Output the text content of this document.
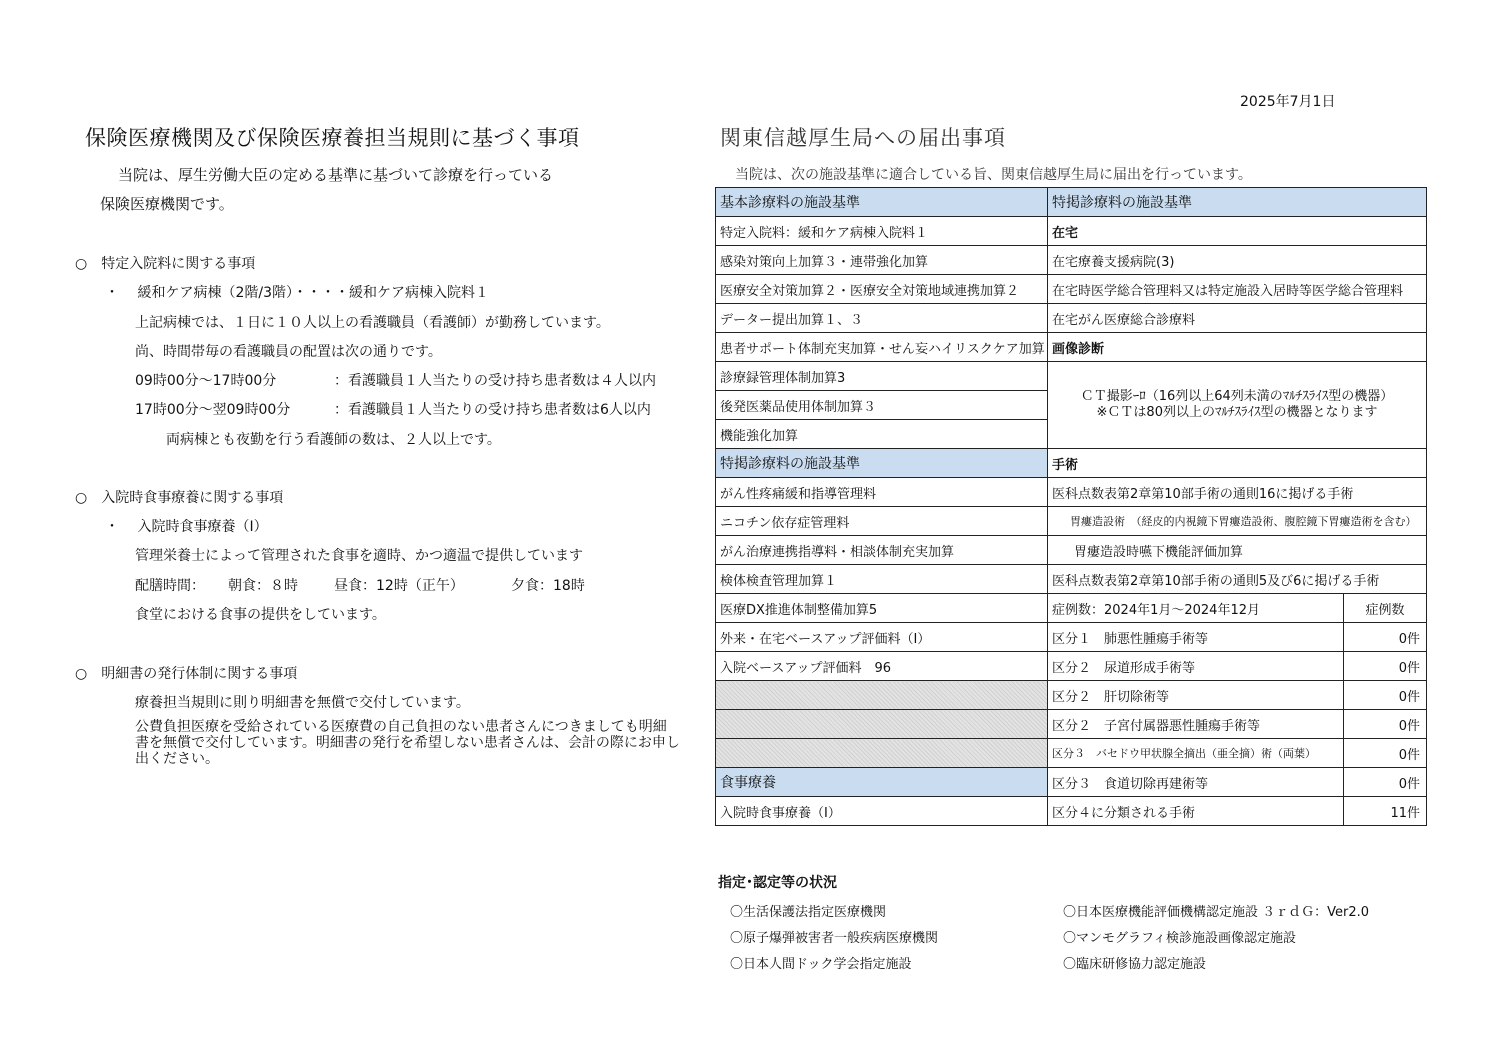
2025年7月1日
保険医療機関及び保険医療養担当規則に基づく事項
当院は、厚生労働大臣の定める基準に基づいて診療を行っている
保険医療機関です。
○　特定入院料に関する事項
・　 緩和ケア病棟（2階/3階）・・・・緩和ケア病棟入院料１
上記病棟では、１日に１０人以上の看護職員（看護師）が勤務しています。
尚、時間帯毎の看護職員の配置は次の通りです。
09時00分～17時00分	：看護職員１人当たりの受け持ち患者数は４人以内
17時00分～翌09時00分	：看護職員１人当たりの受け持ち患者数は6人以内
両病棟とも夜勤を行う看護師の数は、２人以上です。
○　入院時食事療養に関する事項
・　 入院時食事療養（Ⅰ）
管理栄養士によって管理された食事を適時、かつ適温で提供しています
配膳時間： 朝食：８時	昼食：12時（正午）	夕食：18時
食堂における食事の提供をしています。
○　明細書の発行体制に関する事項
療養担当規則に則り明細書を無償で交付しています。
公費負担医療を受給されている医療費の自己負担のない患者さんにつきましても明細書を無償で交付しています。明細書の発行を希望しない患者さんは、会計の際にお申し出ください。
関東信越厚生局への届出事項
当院は、次の施設基準に適合している旨、関東信越厚生局に届出を行っています。
基本診療料の施設基準	特掲診療料の施設基準	
特定入院料：緩和ケア病棟入院料１	在宅	
感染対策向上加算３・連帯強化加算	在宅療養支援病院(3)	
医療安全対策加算２・医療安全対策地域連携加算２	在宅時医学総合管理料又は特定施設入居時等医学総合管理料	
データー提出加算１、３	在宅がん医療総合診療料	
患者サポート体制充実加算・せん妄ハイリスクケア加算	画像診断	
診療録管理体制加算3	ＣＴ撮影ｰﾛ（16列以上64列未満のﾏﾙﾁｽﾗｲｽ型の機器）
※ＣＴは80列以上のﾏﾙﾁｽﾗｲｽ型の機器となります	

後発医薬品使用体制加算３		
機能強化加算		
特掲診療料の施設基準	手術	
がん性疼痛緩和指導管理料	医科点数表第2章第10部手術の通則16に掲げる手術	
ニコチン依存症管理料	胃瘻造設術　（経皮的内視鏡下胃瘻造設術、腹腔鏡下胃瘻造術を含む）	
がん治療連携指導料・相談体制充実加算	胃瘻造設時嚥下機能評価加算	
検体検査管理加算１	医科点数表第2章第10部手術の通則5及び6に掲げる手術	
医療DX推進体制整備加算5	症例数：2024年1月～2024年12月	症例数
外来・在宅ベースアップ評価料（Ⅰ）	区分１　肺悪性腫瘍手術等	0件
入院ベースアップ評価料　96	区分２　尿道形成手術等	0件
	区分２　肝切除術等	0件
	区分２　子宮付属器悪性腫瘍手術等	0件
	区分３　バセドウ甲状腺全摘出（亜全摘）術（両葉）	0件
食事療養	区分３　食道切除再建術等	0件
入院時食事療養（Ⅰ）	区分４に分類される手術	11件
指定･認定等の状況
〇生活保護法指定医療機関
〇原子爆弾被害者一般疾病医療機関
〇日本人間ドック学会指定施設
〇日本医療機能評価機構認定施設 ３ｒｄＧ：Ver2.0
〇マンモグラフィ検診施設画像認定施設
〇臨床研修協力認定施設
